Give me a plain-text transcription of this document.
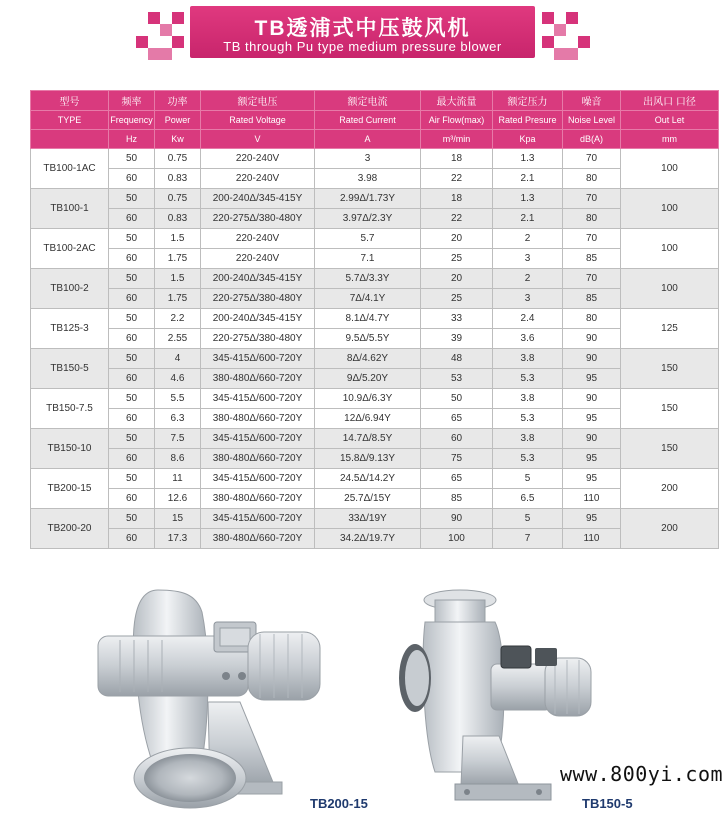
TB透浦式中压鼓风机
TB through Pu type medium pressure blower
型号	频率	功率	额定电压	额定电流	最大流量	额定压力	噪音	出风口 口径
TYPE	Frequency	Power	Rated Voltage	Rated Current	Air Flow(max)	Rated Presure	Noise Level	Out Let
	Hz	Kw	V	A	m³/min	Kpa	dB(A)	mm
TB100-1AC	50	0.75	220-240V	3	18	1.3	70	100
	60	0.83	220-240V	3.98	22	2.1	80	
TB100-1	50	0.75	200-240Δ/345-415Y	2.99Δ/1.73Y	18	1.3	70	100
	60	0.83	220-275Δ/380-480Y	3.97Δ/2.3Y	22	2.1	80	
TB100-2AC	50	1.5	220-240V	5.7	20	2	70	100
	60	1.75	220-240V	7.1	25	3	85	
TB100-2	50	1.5	200-240Δ/345-415Y	5.7Δ/3.3Y	20	2	70	100
	60	1.75	220-275Δ/380-480Y	7Δ/4.1Y	25	3	85	
TB125-3	50	2.2	200-240Δ/345-415Y	8.1Δ/4.7Y	33	2.4	80	125
	60	2.55	220-275Δ/380-480Y	9.5Δ/5.5Y	39	3.6	90	
TB150-5	50	4	345-415Δ/600-720Y	8Δ/4.62Y	48	3.8	90	150
	60	4.6	380-480Δ/660-720Y	9Δ/5.20Y	53	5.3	95	
TB150-7.5	50	5.5	345-415Δ/600-720Y	10.9Δ/6.3Y	50	3.8	90	150
	60	6.3	380-480Δ/660-720Y	12Δ/6.94Y	65	5.3	95	
TB150-10	50	7.5	345-415Δ/600-720Y	14.7Δ/8.5Y	60	3.8	90	150
	60	8.6	380-480Δ/660-720Y	15.8Δ/9.13Y	75	5.3	95	
TB200-15	50	11	345-415Δ/600-720Y	24.5Δ/14.2Y	65	5	95	200
	60	12.6	380-480Δ/660-720Y	25.7Δ/15Y	85	6.5	110	
TB200-20	50	15	345-415Δ/600-720Y	33Δ/19Y	90	5	95	200
	60	17.3	380-480Δ/660-720Y	34.2Δ/19.7Y	100	7	110	
TB200-15	TB150-5
www.800yi.com
